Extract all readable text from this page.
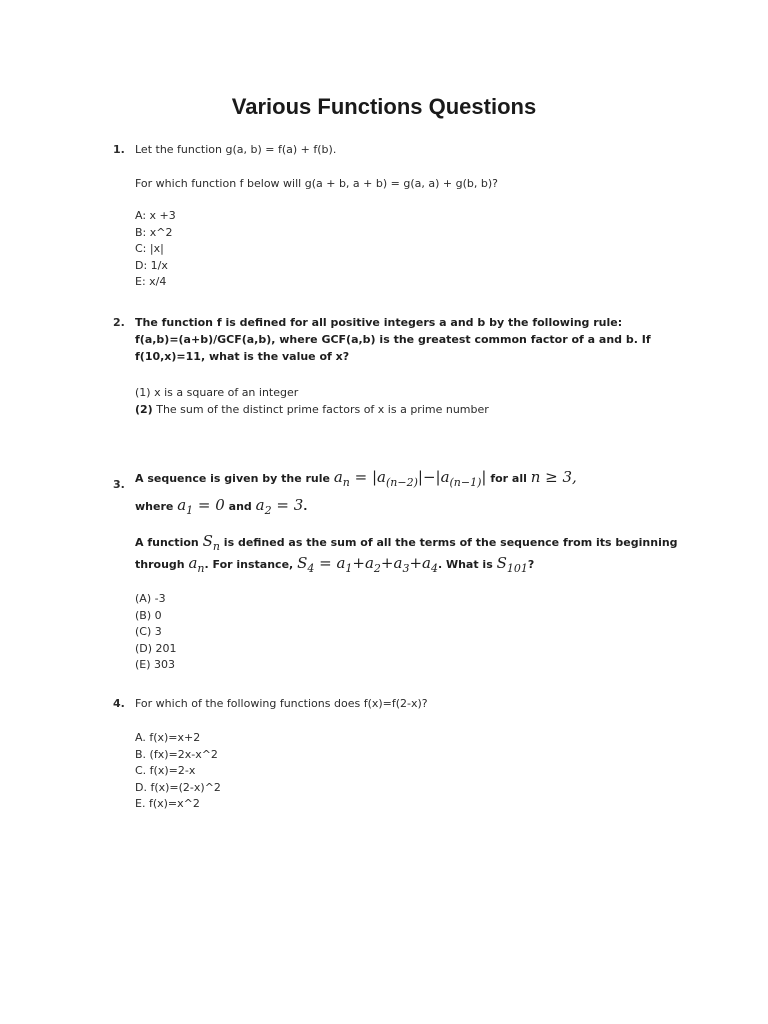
Various Functions Questions
1. Let the function g(a, b) = f(a) + f(b).
For which function f below will g(a + b, a + b) = g(a, a) + g(b, b)?
A: x +3
B: x^2
C: |x|
D: 1/x
E: x/4
2. The function f is defined for all positive integers a and b by the following rule:
f(a,b)=(a+b)/GCF(a,b), where GCF(a,b) is the greatest common factor of a and b. If
f(10,x)=11, what is the value of x?
(1) x is a square of an integer
(2) The sum of the distinct prime factors of x is a prime number
3. A sequence is given by the rule $a_n = |a_{(n-2)}|-|a_{(n-1)}|$ for all n ≥ 3,
where $a_1 = 0$ and $a_2 = 3$.
A function $S_n$ is defined as the sum of all the terms of the sequence from its beginning
through $a_n$. For instance, $S_4 = a_1+a_2+a_3+a_4$. What is $S_{101}$?
(A) -3
(B) 0
(C) 3
(D) 201
(E) 303
4. For which of the following functions does f(x)=f(2-x)?
A. f(x)=x+2
B. (fx)=2x-x^2
C. f(x)=2-x
D. f(x)=(2-x)^2
E. f(x)=x^2
